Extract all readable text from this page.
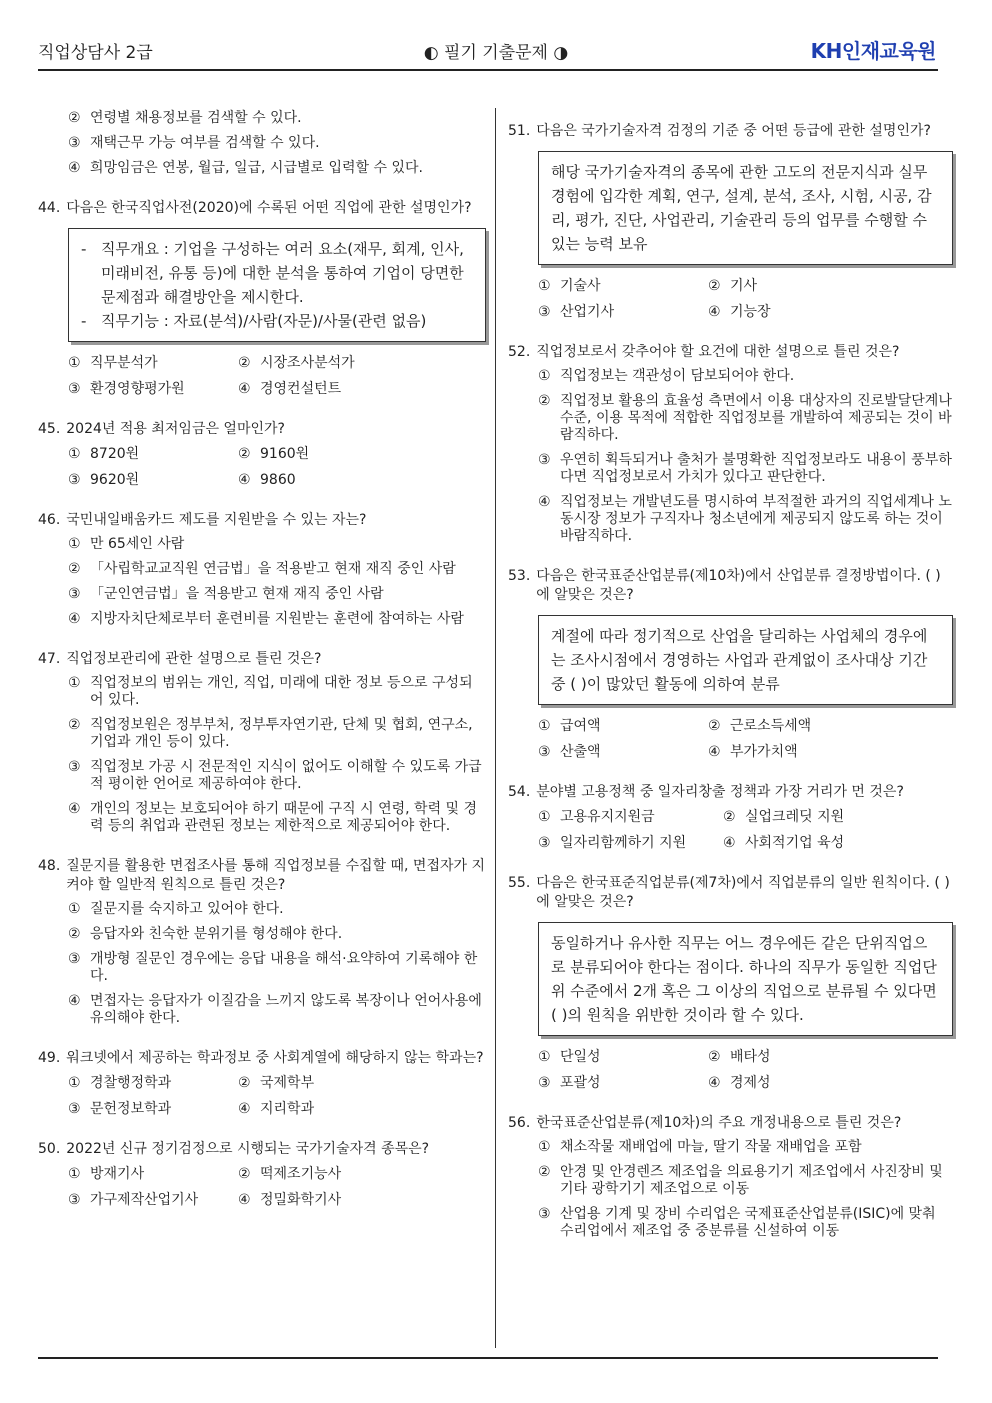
직업상담사 2급	◐ 필기 기출문제 ◑	KH인재교육원
② 연령별 채용정보를 검색할 수 있다.
③ 재택근무 가능 여부를 검색할 수 있다.
④ 희망임금은 연봉, 월급, 일급, 시급별로 입력할 수 있다.
44. 다음은 한국직업사전(2020)에 수록된 어떤 직업에 관한 설명인가?
- 직무개요 : 기업을 구성하는 여러 요소(재무, 회계, 인사, 미래비전, 유통 등)에 대한 분석을 통하여 기업이 당면한 문제점과 해결방안을 제시한다.
- 직무기능 : 자료(분석)/사람(자문)/사물(관련 없음)
① 직무분석가	② 시장조사분석가
③ 환경영향평가원	④ 경영컨설턴트
45. 2024년 적용 최저임금은 얼마인가?
① 8720원	② 9160원
③ 9620원	④ 9860
46. 국민내일배움카드 제도를 지원받을 수 있는 자는?
① 만 65세인 사람
② 「사립학교교직원 연금법」을 적용받고 현재 재직 중인 사람
③ 「군인연금법」을 적용받고 현재 재직 중인 사람
④ 지방자치단체로부터 훈련비를 지원받는 훈련에 참여하는 사람
47. 직업정보관리에 관한 설명으로 틀린 것은?
① 직업정보의 범위는 개인, 직업, 미래에 대한 정보 등으로 구성되어 있다.
② 직업정보원은 정부부처, 정부투자연기관, 단체 및 협회, 연구소, 기업과 개인 등이 있다.
③ 직업정보 가공 시 전문적인 지식이 없어도 이해할 수 있도록 가급적 평이한 언어로 제공하여야 한다.
④ 개인의 정보는 보호되어야 하기 때문에 구직 시 연령, 학력 및 경력 등의 취업과 관련된 정보는 제한적으로 제공되어야 한다.
48. 질문지를 활용한 면접조사를 통해 직업정보를 수집할 때, 면접자가 지켜야 할 일반적 원칙으로 틀린 것은?
① 질문지를 숙지하고 있어야 한다.
② 응답자와 친숙한 분위기를 형성해야 한다.
③ 개방형 질문인 경우에는 응답 내용을 해석·요약하여 기록해야 한다.
④ 면접자는 응답자가 이질감을 느끼지 않도록 복장이나 언어사용에 유의해야 한다.
49. 워크넷에서 제공하는 학과정보 중 사회계열에 해당하지 않는 학과는?
① 경찰행정학과	② 국제학부
③ 문헌정보학과	④ 지리학과
50. 2022년 신규 정기검정으로 시행되는 국가기술자격 종목은?
① 방재기사	② 떡제조기능사
③ 가구제작산업기사	④ 정밀화학기사
51. 다음은 국가기술자격 검정의 기준 중 어떤 등급에 관한 설명인가?
해당 국가기술자격의 종목에 관한 고도의 전문지식과 실무경험에 입각한 계획, 연구, 설계, 분석, 조사, 시험, 시공, 감리, 평가, 진단, 사업관리, 기술관리 등의 업무를 수행할 수 있는 능력 보유
① 기술사	② 기사
③ 산업기사	④ 기능장
52. 직업정보로서 갖추어야 할 요건에 대한 설명으로 틀린 것은?
① 직업정보는 객관성이 담보되어야 한다.
② 직업정보 활용의 효율성 측면에서 이용 대상자의 진로발달단계나 수준, 이용 목적에 적합한 직업정보를 개발하여 제공되는 것이 바람직하다.
③ 우연히 획득되거나 출처가 불명확한 직업정보라도 내용이 풍부하다면 직업정보로서 가치가 있다고 판단한다.
④ 직업정보는 개발년도를 명시하여 부적절한 과거의 직업세계나 노동시장 정보가 구직자나 청소년에게 제공되지 않도록 하는 것이 바람직하다.
53. 다음은 한국표준산업분류(제10차)에서 산업분류 결정방법이다. ( )에 알맞은 것은?
계절에 따라 정기적으로 산업을 달리하는 사업체의 경우에는 조사시점에서 경영하는 사업과 관계없이 조사대상 기간 중 ( )이 많았던 활동에 의하여 분류
① 급여액	② 근로소득세액
③ 산출액	④ 부가가치액
54. 분야별 고용정책 중 일자리창출 정책과 가장 거리가 먼 것은?
① 고용유지지원금	② 실업크레딧 지원
③ 일자리함께하기 지원	④ 사회적기업 육성
55. 다음은 한국표준직업분류(제7차)에서 직업분류의 일반 원칙이다. ( )에 알맞은 것은?
동일하거나 유사한 직무는 어느 경우에든 같은 단위직업으로 분류되어야 한다는 점이다. 하나의 직무가 동일한 직업단위 수준에서 2개 혹은 그 이상의 직업으로 분류될 수 있다면 ( )의 원칙을 위반한 것이라 할 수 있다.
① 단일성	② 배타성
③ 포괄성	④ 경제성
56. 한국표준산업분류(제10차)의 주요 개정내용으로 틀린 것은?
① 채소작물 재배업에 마늘, 딸기 작물 재배업을 포함
② 안경 및 안경렌즈 제조업을 의료용기기 제조업에서 사진장비 및 기타 광학기기 제조업으로 이동
③ 산업용 기계 및 장비 수리업은 국제표준산업분류(ISIC)에 맞춰 수리업에서 제조업 중 중분류를 신설하여 이동
